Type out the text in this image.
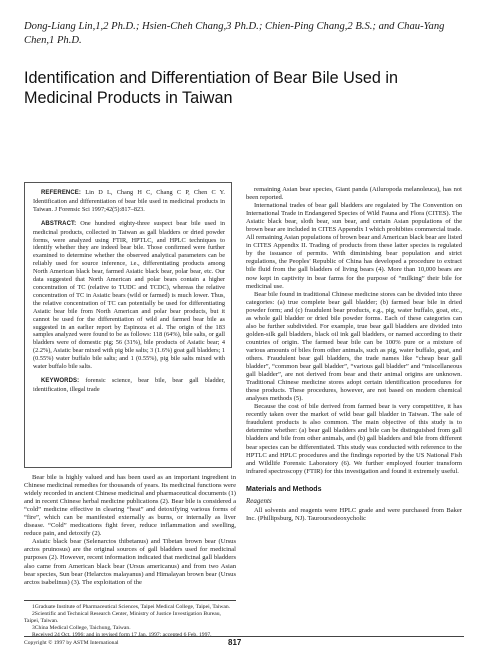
Dong-Liang Lin,1,2 Ph.D.; Hsien-Cheh Chang,3 Ph.D.; Chien-Ping Chang,2 B.S.; and Chau-Yang Chen,1 Ph.D.
Identification and Differentiation of Bear Bile Used in Medicinal Products in Taiwan

REFERENCE: Lin D L, Chang H C, Chang C P, Chen C Y. Identification and differentiation of bear bile used in medicinal products in Taiwan. J Forensic Sci 1997;42(5):817–823.

ABSTRACT: One hundred eighty-three suspect bear bile used in medicinal products, collected in Taiwan as gall bladders or dried powder forms, were analyzed using FTIR, HPTLC, and HPLC techniques to identify whether they are indeed bear bile. Those confirmed were further examined to determine whether the observed analytical parameters can be reliably used for source inference, i.e., differentiating products among North American black bear, farmed Asiatic black bear, polar bear, etc. Our data suggested that North American and polar bears contain a higher concentration of TC (relative to TUDC and TCDC), whereas the relative concentration of TC in Asiatic bears (wild or farmed) is much lower. Thus, the relative concentration of TC can potentially be used for differentiating Asiatic bear bile from North American and polar bear products, but it cannot be used for the differentiation of wild and farmed bear bile as suggested in an earlier report by Espinoza et al. The origin of the 183 samples analyzed were found to be as follows: 118 (64%), bile salts, or gall bladders were of domestic pig; 56 (31%), bile products of Asiatic bear; 4 (2.2%), Asiatic bear mixed with pig bile salts; 3 (1.6%) goat gall bladders; 1 (0.55%) water buffalo bile salts; and 1 (0.55%), pig bile salts mixed with water buffalo bile salts.

KEYWORDS: forensic science, bear bile, bear gall bladder, identification, illegal trade

Bear bile is highly valued and has been used as an important ingredient in Chinese medicinal remedies for thousands of years. Its medicinal functions were widely recorded in ancient Chinese medicinal and pharmaceutical documents (1) and in recent Chinese herbal medicine publications (2). Bear bile is considered a “cold” medicine effective in clearing “heat” and detoxifying various forms of “fire”, which can be manifested externally as burns, or internally as liver disease. “Cold” medications fight fever, reduce inflammation and swelling, reduce pain, and detoxify (2).

Asiatic black bear (Selenarctos thibetanus) and Tibetan brown bear (Ursus arctos pruinosus) are the original sources of gall bladders used for medicinal purposes (2). However, recent information indicated that medicinal gall bladders also came from American black bear (Ursus americanus) and from two Asian bear species, Sun bear (Helarctos malayanus) and Himalayan brown bear (Ursus arctos isabelinus) (3). The exploitation of the

1Graduate Institute of Pharmaceutical Sciences, Taipei Medical College, Taipei, Taiwan.
2Scientific and Technical Research Center, Ministry of Justice Investigation Bureau, Taipei, Taiwan.
3China Medical College, Taichung, Taiwan.
Received 24 Oct. 1996; and in revised form 17 Jan. 1997; accepted 6 Feb. 1997.

remaining Asian bear species, Giant panda (Ailuropoda melanoleuca), has not been reported.

International trades of bear gall bladders are regulated by The Convention on International Trade in Endangered Species of Wild Fauna and Flora (CITES). The Asiatic black bear, sloth bear, sun bear, and certain Asian populations of the brown bear are included in CITES Appendix I which prohibites commercial trade. All remaining Asian populations of brown bear and American black bear are listed in CITES Appendix II. Trading of products from these latter species is regulated by the issuance of permits. With diminishing bear population and strict regulations, the Peoples' Republic of China has developed a procedure to extract bile fluid from the gall bladders of living bears (4). More than 10,000 bears are now kept in captivity in bear farms for the purpose of “milking” their bile for medicinal use.

Bear bile found in traditional Chinese medicine stores can be divided into three categories: (a) true complete bear gall bladder; (b) farmed bear bile in dried powder form; and (c) fraudulent bear products, e.g., pig, water buffalo, goat, etc., as whole gall bladder or dried bile powder forms. Each of these categories can also be further subdivided. For example, true bear gall bladders are divided into golden-silk gall bladders, black oil ink gall bladders, or named according to their countries of origin. The farmed bear bile can be 100% pure or a mixture of various amounts of biles from other animals, such as pig, water buffalo, goat, and others. Fraudulent bear gall bladders, the trade names like “cheap bear gall bladder”, “common bear gall bladder”, “various gall bladder” and “miscellaneous gall bladder”, are not derived from bear and their animal origins are unknown. Traditional Chinese medicine stores adopt certain identification procedures for these products. These procedures, however, are not based on modern chemical analyses methods (5).

Because the cost of bile derived from farmed bear is very competitive, it has recently taken over the market of wild bear gall bladder in Taiwan. The sale of fraudulent products is also common. The main objective of this study is to determine whether: (a) bear gall bladders and bile can be distinguished from gall bladders and bile from other animals, and (b) gall bladders and bile from different bear species can be differentiated. This study was conducted with reference to the HPTLC and HPLC procedures and the findings reported by the US National Fish and Wildlife Forensic Laboratory (6). We further employed fourier transform infrared spectroscopy (FTIR) for this investigation and found it extremely useful.

Materials and Methods
Reagents

All solvents and reagents were HPLC grade and were purchased from Baker Inc. (Phillipsburg, NJ). Tauroursodeoxycholic

Copyright © 1997 by ASTM International	817
